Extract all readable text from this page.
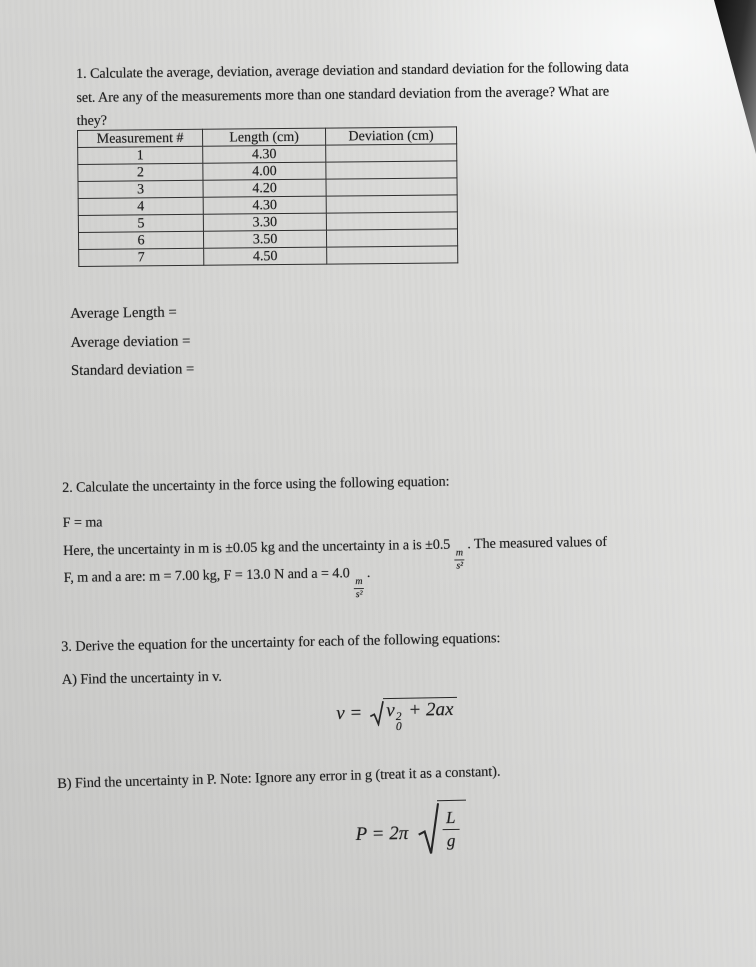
1. Calculate the average, deviation, average deviation and standard deviation for the following data
set. Are any of the measurements more than one standard deviation from the average? What are
they?
Measurement #	Length (cm)	Deviation (cm)
1	4.30	
2	4.00	
3	4.20	
4	4.30	
5	3.30	
6	3.50	
7	4.50	
Average Length =
Average deviation =
Standard deviation =
2. Calculate the uncertainty in the force using the following equation:
F = ma
Here, the uncertainty in m is ±0.05 kg and the uncertainty in a is ±0.5
$\frac{m}{\text{s²}}$
. The measured values of
F, m and a are: m = 7.00 kg, F = 13.0 N and a = 4.0
$\frac{m}{\text{s²}}$
.
3. Derive the equation for the uncertainty for each of the following equations:
A) Find the uncertainty in v.
v = v 2
0
+ 2ax
B) Find the uncertainty in P. Note: Ignore any error in g (treat it as a constant).
P = 2π
L
g
